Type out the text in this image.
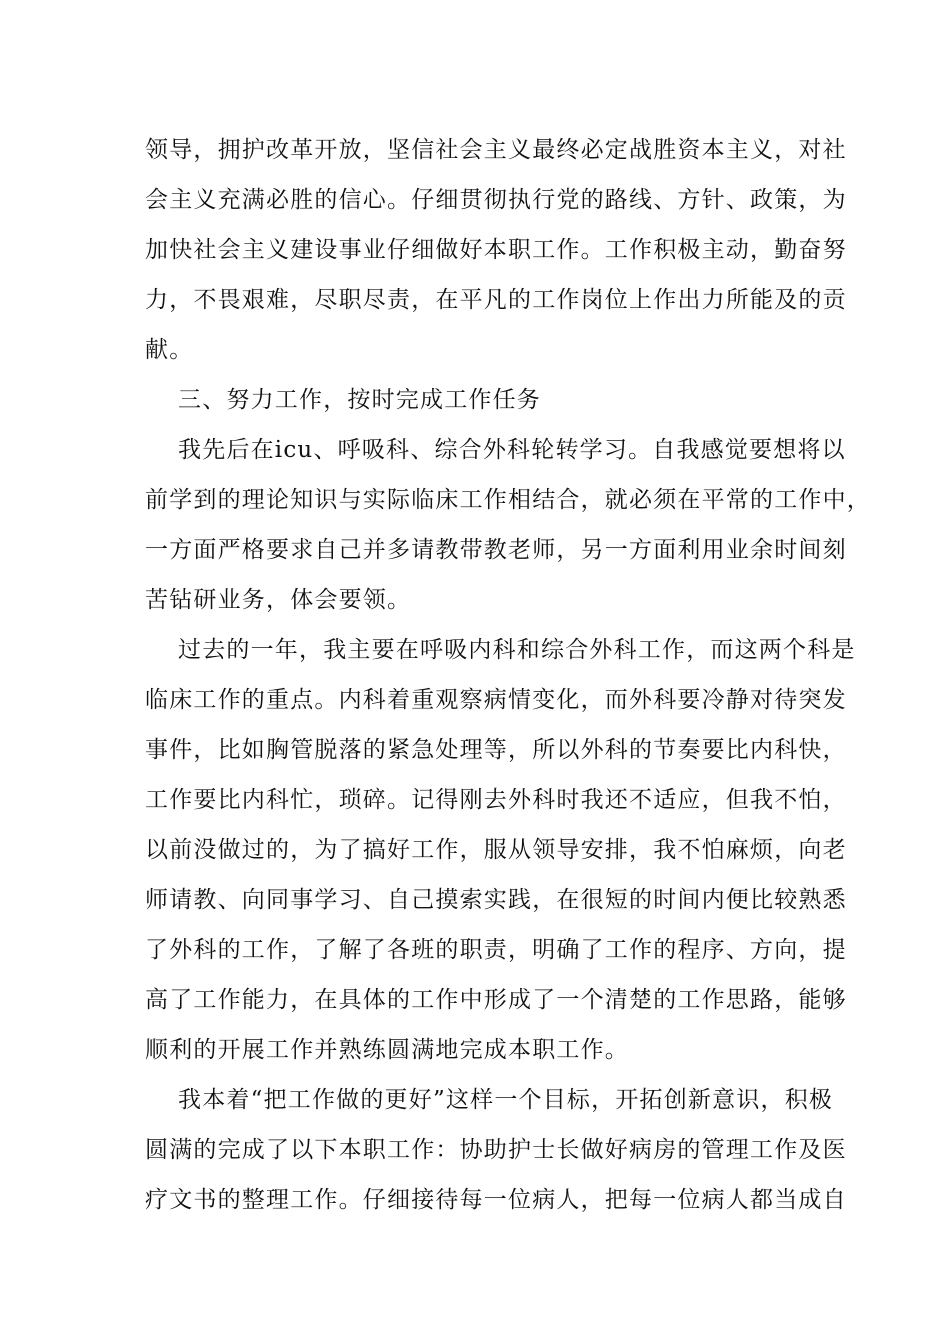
领导，拥护改革开放，坚信社会主义最终必定战胜资本主义，对社
会主义充满必胜的信心。仔细贯彻执行党的路线、方针、政策，为
加快社会主义建设事业仔细做好本职工作。工作积极主动，勤奋努
力，不畏艰难，尽职尽责，在平凡的工作岗位上作出力所能及的贡
献。
三、努力工作，按时完成工作任务
我先后在icu、呼吸科、综合外科轮转学习。自我感觉要想将以
前学到的理论知识与实际临床工作相结合，就必须在平常的工作中，
一方面严格要求自己并多请教带教老师，另一方面利用业余时间刻
苦钻研业务，体会要领。
过去的一年，我主要在呼吸内科和综合外科工作，而这两个科是
临床工作的重点。内科着重观察病情变化，而外科要冷静对待突发
事件，比如胸管脱落的紧急处理等，所以外科的节奏要比内科快，
工作要比内科忙，琐碎。记得刚去外科时我还不适应，但我不怕，
以前没做过的，为了搞好工作，服从领导安排，我不怕麻烦，向老
师请教、向同事学习、自己摸索实践，在很短的时间内便比较熟悉
了外科的工作，了解了各班的职责，明确了工作的程序、方向，提
高了工作能力，在具体的工作中形成了一个清楚的工作思路，能够
顺利的开展工作并熟练圆满地完成本职工作。
我本着“把工作做的更好”这样一个目标，开拓创新意识，积极
圆满的完成了以下本职工作：协助护士长做好病房的管理工作及医
疗文书的整理工作。仔细接待每一位病人，把每一位病人都当成自
